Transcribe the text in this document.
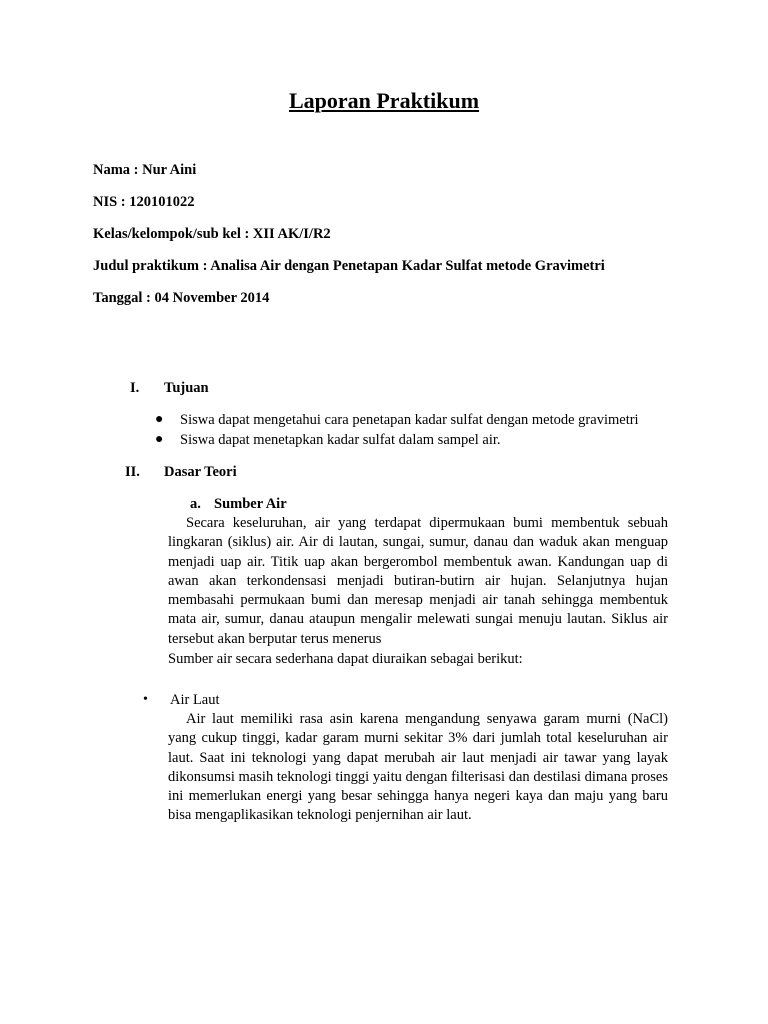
Laporan Praktikum
Nama : Nur Aini
NIS : 120101022
Kelas/kelompok/sub kel : XII AK/I/R2
Judul praktikum : Analisa Air dengan Penetapan Kadar Sulfat metode Gravimetri
Tanggal : 04 November 2014
I. Tujuan
● Siswa dapat mengetahui cara penetapan kadar sulfat dengan metode gravimetri
● Siswa dapat menetapkan kadar sulfat dalam sampel air.
II. Dasar Teori
a. Sumber Air
Secara keseluruhan, air yang terdapat dipermukaan bumi membentuk sebuah lingkaran (siklus) air. Air di lautan, sungai, sumur, danau dan waduk akan menguap menjadi uap air. Titik uap akan bergerombol membentuk awan. Kandungan uap di awan akan terkondensasi menjadi butiran-butirn air hujan. Selanjutnya hujan membasahi permukaan bumi dan meresap menjadi air tanah sehingga membentuk mata air, sumur, danau ataupun mengalir melewati sungai menuju lautan. Siklus air tersebut akan berputar terus menerus
Sumber air secara sederhana dapat diuraikan sebagai berikut:
• Air Laut
Air laut memiliki rasa asin karena mengandung senyawa garam murni (NaCl) yang cukup tinggi, kadar garam murni sekitar 3% dari jumlah total keseluruhan air laut. Saat ini teknologi yang dapat merubah air laut menjadi air tawar yang layak dikonsumsi masih teknologi tinggi yaitu dengan filterisasi dan destilasi dimana proses ini memerlukan energi yang besar sehingga hanya negeri kaya dan maju yang baru bisa mengaplikasikan teknologi penjernihan air laut.
